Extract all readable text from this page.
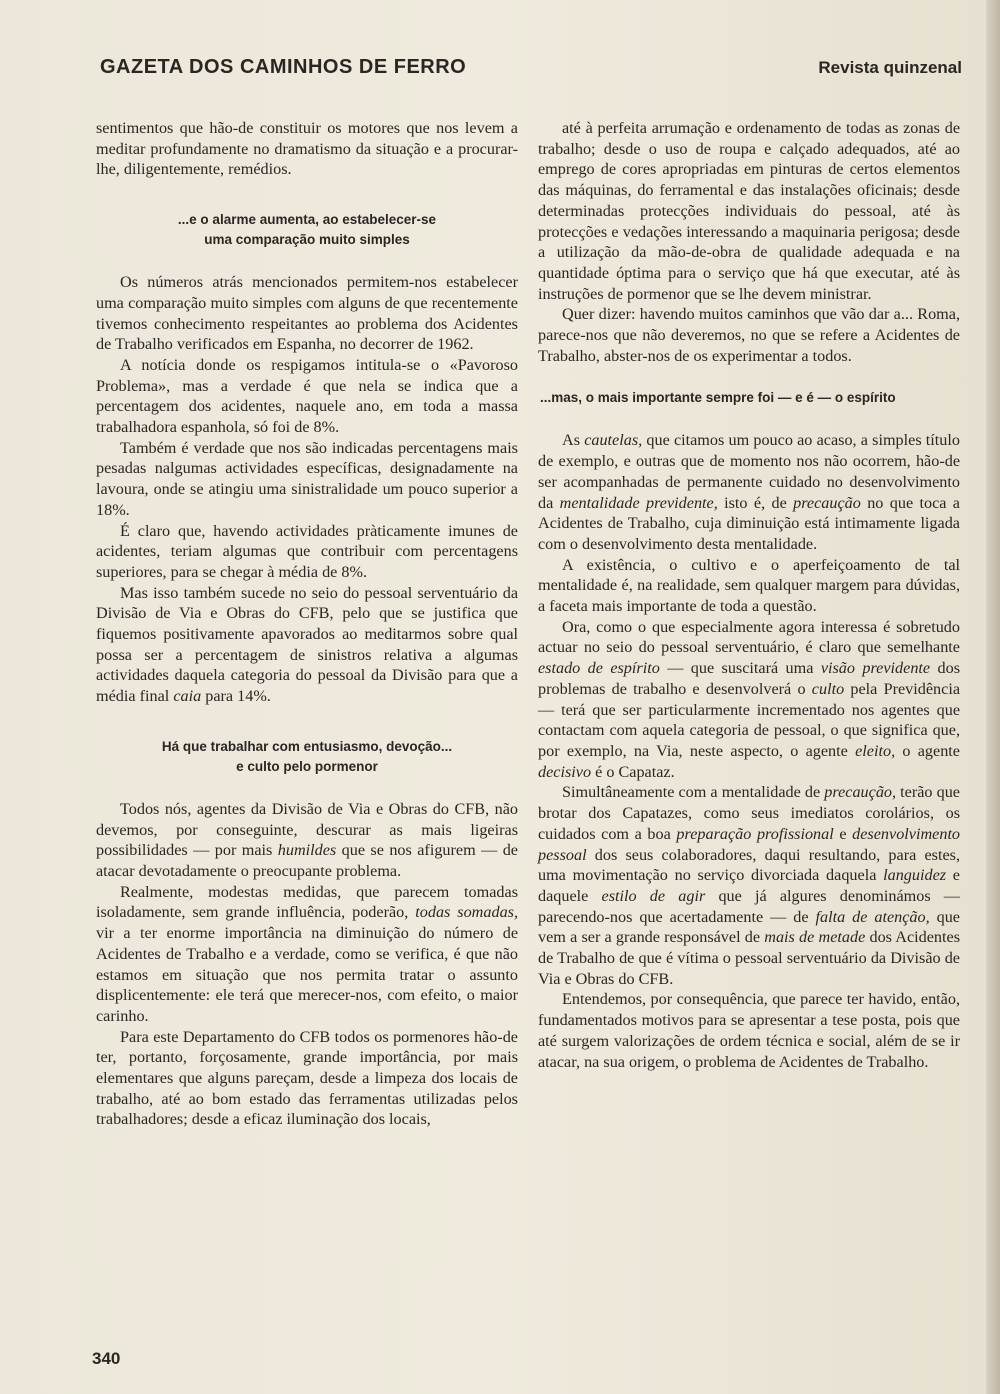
GAZETA DOS CAMINHOS DE FERRO	Revista quinzenal

sentimentos que hão-de constituir os motores que nos levem a meditar profundamente no dramatismo da situação e a procurar-lhe, diligentemente, remédios.

...e o alarme aumenta, ao estabelecer-se
uma comparação muito simples

Os números atrás mencionados permitem-nos estabelecer uma comparação muito simples com alguns de que recentemente tivemos conhecimento respeitantes ao problema dos Acidentes de Trabalho verificados em Espanha, no decorrer de 1962.

A notícia donde os respigamos intitula-se o «Pavoroso Problema», mas a verdade é que nela se indica que a percentagem dos acidentes, naquele ano, em toda a massa trabalhadora espanhola, só foi de 8%.

Também é verdade que nos são indicadas percentagens mais pesadas nalgumas actividades específicas, designadamente na lavoura, onde se atingiu uma sinistralidade um pouco superior a 18%.

É claro que, havendo actividades pràticamente imunes de acidentes, teriam algumas que contribuir com percentagens superiores, para se chegar à média de 8%.

Mas isso também sucede no seio do pessoal serventuário da Divisão de Via e Obras do CFB, pelo que se justifica que fiquemos positivamente apavorados ao meditarmos sobre qual possa ser a percentagem de sinistros relativa a algumas actividades daquela categoria do pessoal da Divisão para que a média final caia para 14%.

Há que trabalhar com entusiasmo, devoção...
e culto pelo pormenor

Todos nós, agentes da Divisão de Via e Obras do CFB, não devemos, por conseguinte, descurar as mais ligeiras possibilidades — por mais humildes que se nos afigurem — de atacar devotadamente o preocupante problema.

Realmente, modestas medidas, que parecem tomadas isoladamente, sem grande influência, poderão, todas somadas, vir a ter enorme importância na diminuição do número de Acidentes de Trabalho e a verdade, como se verifica, é que não estamos em situação que nos permita tratar o assunto displicentemente: ele terá que merecer-nos, com efeito, o maior carinho.

Para este Departamento do CFB todos os pormenores hão-de ter, portanto, forçosamente, grande importância, por mais elementares que alguns pareçam, desde a limpeza dos locais de trabalho, até ao bom estado das ferramentas utilizadas pelos trabalhadores; desde a eficaz iluminação dos locais,

até à perfeita arrumação e ordenamento de todas as zonas de trabalho; desde o uso de roupa e calçado adequados, até ao emprego de cores apropriadas em pinturas de certos elementos das máquinas, do ferramental e das instalações oficinais; desde determinadas protecções individuais do pessoal, até às protecções e vedações interessando a maquinaria perigosa; desde a utilização da mão-de-obra de qualidade adequada e na quantidade óptima para o serviço que há que executar, até às instruções de pormenor que se lhe devem ministrar.

Quer dizer: havendo muitos caminhos que vão dar a... Roma, parece-nos que não deveremos, no que se refere a Acidentes de Trabalho, abster-nos de os experimentar a todos.

...mas, o mais importante sempre foi — e é — o espírito

As cautelas, que citamos um pouco ao acaso, a simples título de exemplo, e outras que de momento nos não ocorrem, hão-de ser acompanhadas de permanente cuidado no desenvolvimento da mentalidade previdente, isto é, de precaução no que toca a Acidentes de Trabalho, cuja diminuição está intimamente ligada com o desenvolvimento desta mentalidade.

A existência, o cultivo e o aperfeiçoamento de tal mentalidade é, na realidade, sem qualquer margem para dúvidas, a faceta mais importante de toda a questão.

Ora, como o que especialmente agora interessa é sobretudo actuar no seio do pessoal serventuário, é claro que semelhante estado de espírito — que suscitará uma visão previdente dos problemas de trabalho e desenvolverá o culto pela Previdência — terá que ser particularmente incrementado nos agentes que contactam com aquela categoria de pessoal, o que significa que, por exemplo, na Via, neste aspecto, o agente eleito, o agente decisivo é o Capataz.

Simultâneamente com a mentalidade de precaução, terão que brotar dos Capatazes, como seus imediatos corolários, os cuidados com a boa preparação profissional e desenvolvimento pessoal dos seus colaboradores, daqui resultando, para estes, uma movimentação no serviço divorciada daquela languidez e daquele estilo de agir que já algures denominámos — parecendo-nos que acertadamente — de falta de atenção, que vem a ser a grande responsável de mais de metade dos Acidentes de Trabalho de que é vítima o pessoal serventuário da Divisão de Via e Obras do CFB.

Entendemos, por consequência, que parece ter havido, então, fundamentados motivos para se apresentar a tese posta, pois que até surgem valorizações de ordem técnica e social, além de se ir atacar, na sua origem, o problema de Acidentes de Trabalho.

340
